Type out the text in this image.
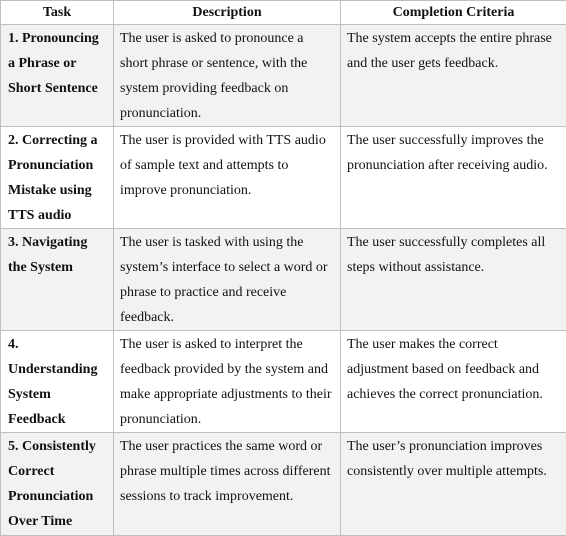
Task	Description	Completion Criteria
1. Pronouncing a Phrase or Short Sentence	The user is asked to pronounce a short phrase or sentence, with the system providing feedback on pronunciation.	The system accepts the entire phrase and the user gets feedback.
2. Correcting a Pronunciation Mistake using TTS audio	The user is provided with TTS audio of sample text and attempts to improve pronunciation.	The user successfully improves the pronunciation after receiving audio.
3. Navigating the System	The user is tasked with using the system’s interface to select a word or phrase to practice and receive feedback.	The user successfully completes all steps without assistance.
4. Understanding System Feedback	The user is asked to interpret the feedback provided by the system and make appropriate adjustments to their pronunciation.	The user makes the correct adjustment based on feedback and achieves the correct pronunciation.
5. Consistently Correct Pronunciation Over Time	The user practices the same word or phrase multiple times across different sessions to track improvement.	The user’s pronunciation improves consistently over multiple attempts.
